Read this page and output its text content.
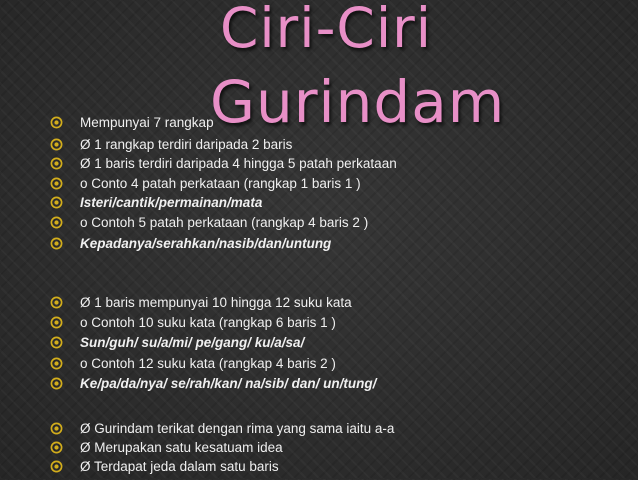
Ciri-Ciri
Gurindam
Mempunyai 7 rangkap
Ø 1 rangkap terdiri daripada 2 baris
Ø 1 baris terdiri daripada 4 hingga 5 patah perkataan
o Conto 4 patah perkataan (rangkap 1 baris 1 )
Isteri/cantik/permainan/mata
o Contoh 5 patah perkataan (rangkap 4 baris 2 )
Kepadanya/serahkan/nasib/dan/untung
Ø 1 baris mempunyai 10 hingga 12 suku kata
o Contoh 10 suku kata (rangkap 6 baris 1 )
Sun/guh/ su/a/mi/ pe/gang/ ku/a/sa/
o Contoh 12 suku kata (rangkap 4 baris 2 )
Ke/pa/da/nya/ se/rah/kan/ na/sib/ dan/ un/tung/
Ø Gurindam terikat dengan rima yang sama iaitu a-a
Ø Merupakan satu kesatuam idea
Ø Terdapat jeda dalam satu baris
